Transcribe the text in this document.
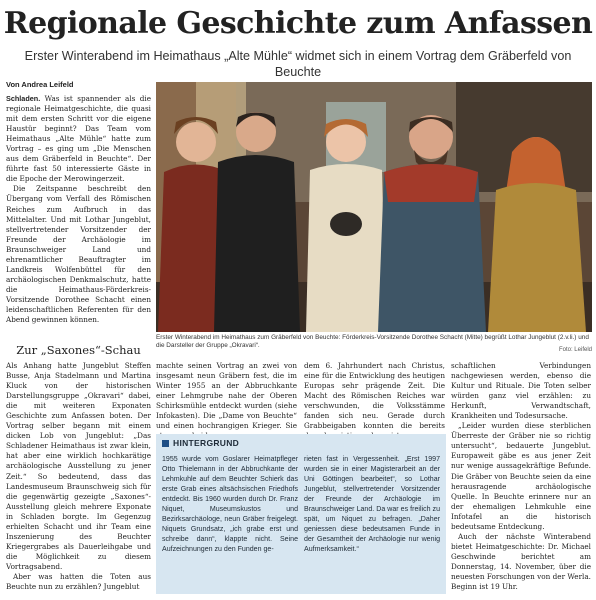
Regionale Geschichte zum Anfassen
Erster Winterabend im Heimathaus „Alte Mühle“ widmet sich in einem Vortrag dem Gräberfeld von Beuchte
Von Andrea Leifeld

Schladen. Was ist spannender als die regionale Heimatgeschichte, die quasi mit dem ersten Schritt vor die eigene Haustür beginnt? Das Team vom Heimathaus „Alte Mühle“ hatte zum Vortrag – es ging um „Die Menschen aus dem Gräberfeld in Beuchte“. Der führte fast 50 interessierte Gäste in die Epoche der Merowingerzeit.

Die Zeitspanne beschreibt den Übergang vom Verfall des Römischen Reiches zum Aufbruch in das Mittelalter. Und mit Lothar Jungeblut, stellvertretender Vorsitzender der Freunde der Archäologie im Braunschweiger Land und ehrenamtlicher Beauftragter im Landkreis Wolfenbüttel für den archäologischen Denkmalschutz, hatte die Heimathaus-Förderkreis-Vorsitzende Dorothee Schacht einen leidenschaftlichen Referenten für den Abend gewinnen können.

Zur „Saxones“-Schau

Als Anhang hatte Jungeblut Steffen Busse, Anja Stadelmann und Martina Kluck von der historischen Darstellungsgruppe „Okravari“ dabei, die mit weiteren Exponaten Geschichte zum Anfassen boten. Der Vortrag selber begann mit einem dicken Lob von Jungeblut: „Das Schladener Heimathaus ist zwar klein, hat aber eine wirklich hochkarätige archäologische Ausstellung zu jener Zeit.“ So bedeutend, dass das Landesmuseum Braunschweig sich für die gegenwärtig gezeigte „Saxones“-Ausstellung gleich mehrere Exponate in Schladen borgte. Im Gegenzug erhielten Schacht und ihr Team eine Inszenierung des Beuchter Kriegergrabes als Dauerleihgabe und die Möglichkeit zu diesem Vortragsabend.

Aber was hatten die Toten aus Beuchte nun zu erzählen? Jungeblut

machte seinen Vortrag an zwei von insgesamt neun Gräbern fest, die im Winter 1955 an der Abbruchkante einer Lehmgrube nahe der Oberen Schirksmühle entdeckt wurden (siehe Infokasten). Die „Dame von Beuchte“ und einen hochrangigen Krieger. Sie

dem 6. Jahrhundert nach Christus, eine für die Entwicklung des heutigen Europas sehr prägende Zeit. Die Macht des Römischen Reiches war verschwunden, die Volksstämme fanden sich neu. Gerade durch Grabbeigaben konnten die bereits

schaftlichen Verbindungen nachgewiesen werden, ebenso die Kultur und Rituale. Die Toten selber würden ganz viel erzählen: zu Herkunft, Verwandtschaft, Krankheiten und Todesursache.

„Leider wurden diese sterblichen Überreste der Gräber nie so richtig untersucht“, bedauerte Jungeblut. Europaweit gäbe es aus jener Zeit nur wenige aussagekräftige Befunde. Die Gräber von Beuchte seien da eine herausragende archäologische Quelle. In Beuchte erinnere nur an der ehemaligen Lehmkuhle eine Infotafel an die historisch bedeutsame Entdeckung.

Auch der nächste Winterabend bietet Heimatgeschichte: Dr. Michael Geschwinde berichtet am Donnerstag, 14. November, über die neuesten Forschungen von der Werla. Beginn ist 19 Uhr.

Erster Winterabend im Heimathaus zum Gräberfeld von Beuchte: Förderkreis-Vorsitzende Dorothee Schacht (Mitte) begrüßt Lothar Jungeblut (2.v.li.) und die Darsteller der Gruppe „Okravari“.
Foto: Leifeld
HINTERGRUND
1955 wurde vom Goslarer Heimatpfleger Otto Thielemann in der Abbruchkante der Lehmkuhle auf dem Beuchter Schierk das erste Grab eines altsächsischen Friedhofs entdeckt. Bis 1960 wurden durch Dr. Franz Niquet, Museumskustos und Bezirksarchäologe, neun Gräber freigelegt. Niquets Grundsatz, „ich grabe erst und schreibe dann“, klappte nicht. Seine Aufzeichnungen zu den Funden ge-
rieten fast in Vergessenheit. „Erst 1997 wurden sie in einer Magisterarbeit an der Uni Göttingen bearbeitet“, so Lothar Jungeblut, stellvertretender Vorsitzender der Freunde der Archäologie im Braunschweiger Land. Da war es freilich zu spät, um Niquet zu befragen. „Daher geniessen diese bedeutsamen Funde in der Gesamtheit der Archäologie nur wenig Aufmerksamkeit.“
